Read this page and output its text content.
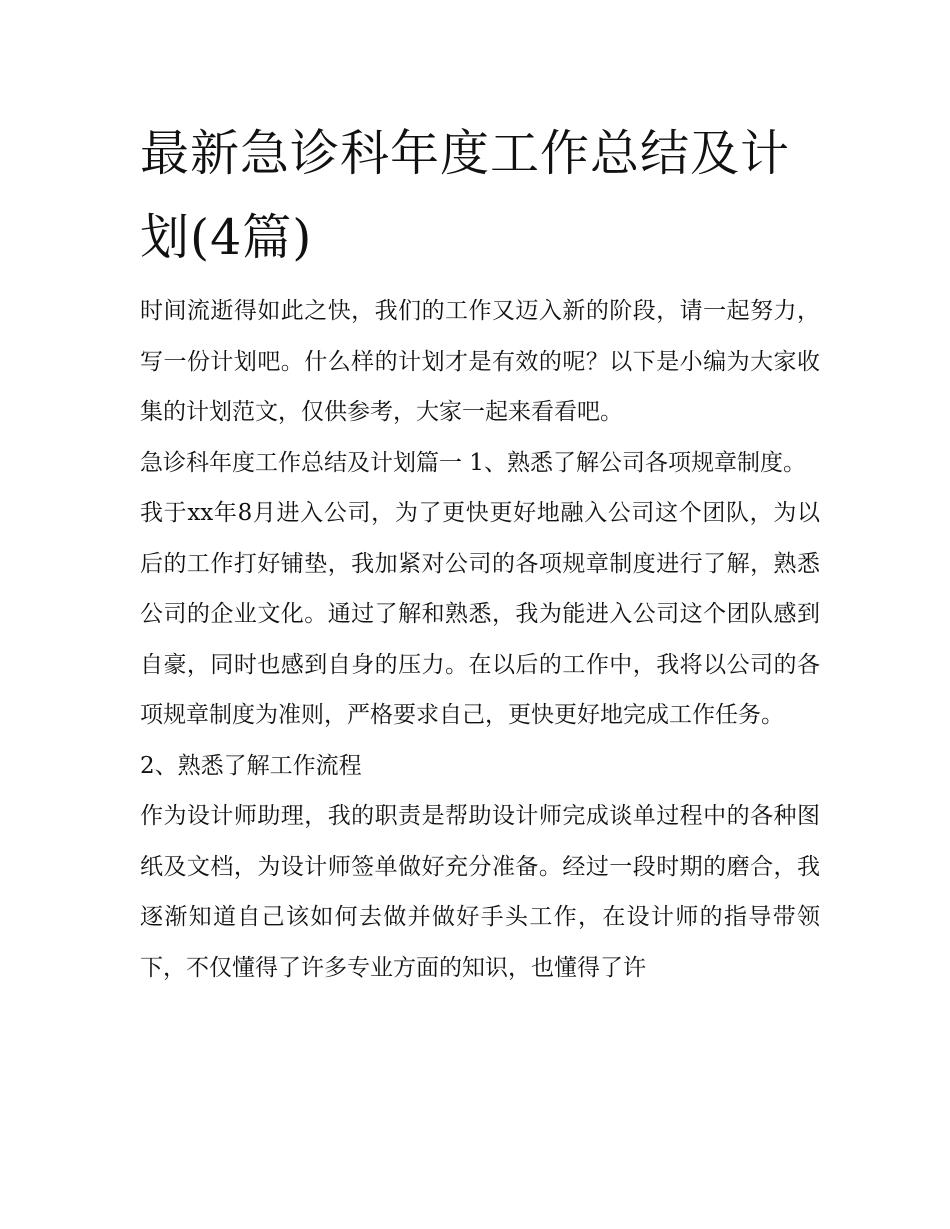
最新急诊科年度工作总结及计划(4篇)

时间流逝得如此之快，我们的工作又迈入新的阶段，请一起努力，写一份计划吧。什么样的计划才是有效的呢？以下是小编为大家收集的计划范文，仅供参考，大家一起来看看吧。

急诊科年度工作总结及计划篇一 1、熟悉了解公司各项规章制度。

我于xx年8月进入公司，为了更快更好地融入公司这个团队，为以后的工作打好铺垫，我加紧对公司的各项规章制度进行了解，熟悉公司的企业文化。通过了解和熟悉，我为能进入公司这个团队感到自豪，同时也感到自身的压力。在以后的工作中，我将以公司的各项规章制度为准则，严格要求自己，更快更好地完成工作任务。

2、熟悉了解工作流程

作为设计师助理，我的职责是帮助设计师完成谈单过程中的各种图纸及文档，为设计师签单做好充分准备。经过一段时期的磨合，我逐渐知道自己该如何去做并做好手头工作，在设计师的指导带领下，不仅懂得了许多专业方面的知识，也懂得了许
